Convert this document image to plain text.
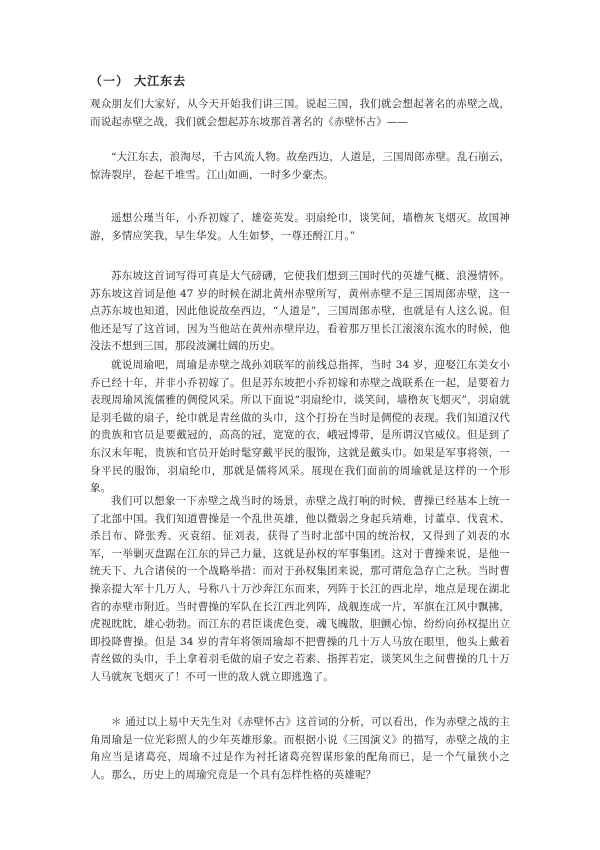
（一） 大江东去

观众朋友们大家好，从今天开始我们讲三国。说起三国，我们就会想起著名的赤壁之战，而说起赤壁之战，我们就会想起苏东坡那首著名的《赤壁怀古》——

“大江东去，浪淘尽，千古风流人物。故垒西边，人道是，三国周郎赤壁。乱石崩云，惊涛裂岸，卷起千堆雪。江山如画，一时多少豪杰。

遥想公瑾当年，小乔初嫁了，雄姿英发。羽扇纶巾，谈笑间，墙橹灰飞烟灭。故国神游，多情应笑我，早生华发。人生如梦，一尊还酹江月。”

苏东坡这首词写得可真是大气磅礴，它使我们想到三国时代的英雄气概、浪漫情怀。苏东坡这首词是他 47 岁的时候在湖北黄州赤壁所写，黄州赤壁不是三国周郎赤壁，这一点苏东坡也知道，因此他说故垒西边，“人道是”，三国周郎赤壁，也就是有人这么说。但他还是写了这首词，因为当他站在黄州赤壁岸边，看着那万里长江滚滚东流水的时候，他没法不想到三国，那段波澜壮阔的历史。

就说周瑜吧，周瑜是赤壁之战孙刘联军的前线总指挥，当时 34 岁，迎娶江东美女小乔已经十年，并非小乔初嫁了。但是苏东坡把小乔初嫁和赤壁之战联系在一起，是要着力表现周瑜风流儒雅的倜傥风采。所以下面说“羽扇纶巾，谈笑间，墙橹灰飞烟灭”，羽扇就是羽毛做的扇子，纶巾就是青丝做的头巾，这个打扮在当时是倜傥的表现。我们知道汉代的贵族和官员是要戴冠的，高高的冠，宽宽的衣，峨冠博带，是所谓汉官威仪。但是到了东汉末年呢，贵族和官员开始时髦穿戴平民的服饰，这就是戴头巾。如果是军事将领，一身平民的服饰，羽扇纶巾，那就是儒将风采。展现在我们面前的周瑜就是这样的一个形象。

我们可以想象一下赤壁之战当时的场景，赤壁之战打响的时候，曹操已经基本上统一了北部中国。我们知道曹操是一个乱世英雄，他以微弱之身起兵靖难，讨董卓、伐袁术、杀吕布、降张秀、灭袁绍、征刘表，获得了当时北部中国的统治权，又得到了刘表的水军，一举剿灭盘踞在江东的异己力量，这就是孙权的军事集团。这对于曹操来说，是他一统天下、九合诸侯的一个战略举措：而对于孙权集团来说，那可谓危急存亡之秋。当时曹操亲提大军十几万人，号称八十万沙奔江东而来，列阵于长江的西北岸，地点是现在湖北省的赤壁市附近。当时曹操的军队在长江西北列阵，战舰连成一片，军旗在江风中飘拂，虎视眈眈，雄心勃勃。而江东的君臣谈虎色变，魂飞魄散，胆颤心惊，纷纷向孙权提出立即投降曹操。但是 34 岁的青年将领周瑜却不把曹操的几十万人马放在眼里，他头上戴着青丝做的头巾，手上拿着羽毛做的扇子安之若素、指挥若定，谈笑风生之间曹操的几十万人马就灰飞烟灭了！不可一世的敌人就立即逃逸了。

＊ 通过以上易中天先生对《赤壁怀古》这首词的分析，可以看出，作为赤壁之战的主角周瑜是一位光彩照人的少年英雄形象。而根据小说《三国演义》的描写，赤壁之战的主角应当是诸葛亮，周瑜不过是作为衬托诸葛亮智谋形象的配角而已，是一个气量狭小之人。那么，历史上的周瑜究竟是一个具有怎样性格的英雄呢？
